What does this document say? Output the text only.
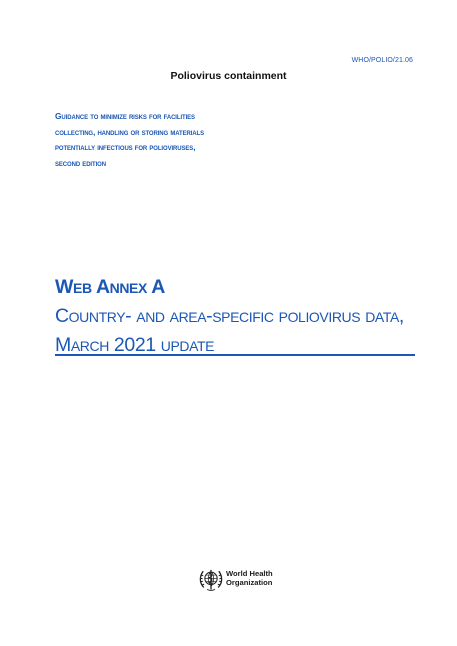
WHO/POLIO/21.06
Poliovirus containment
Guidance to minimize risks for facilities
collecting, handling or storing materials
potentially infectious for polioviruses,
second edition
Web Annex A
Country- and area-specific poliovirus data,
March 2021 update
World Health
Organization
